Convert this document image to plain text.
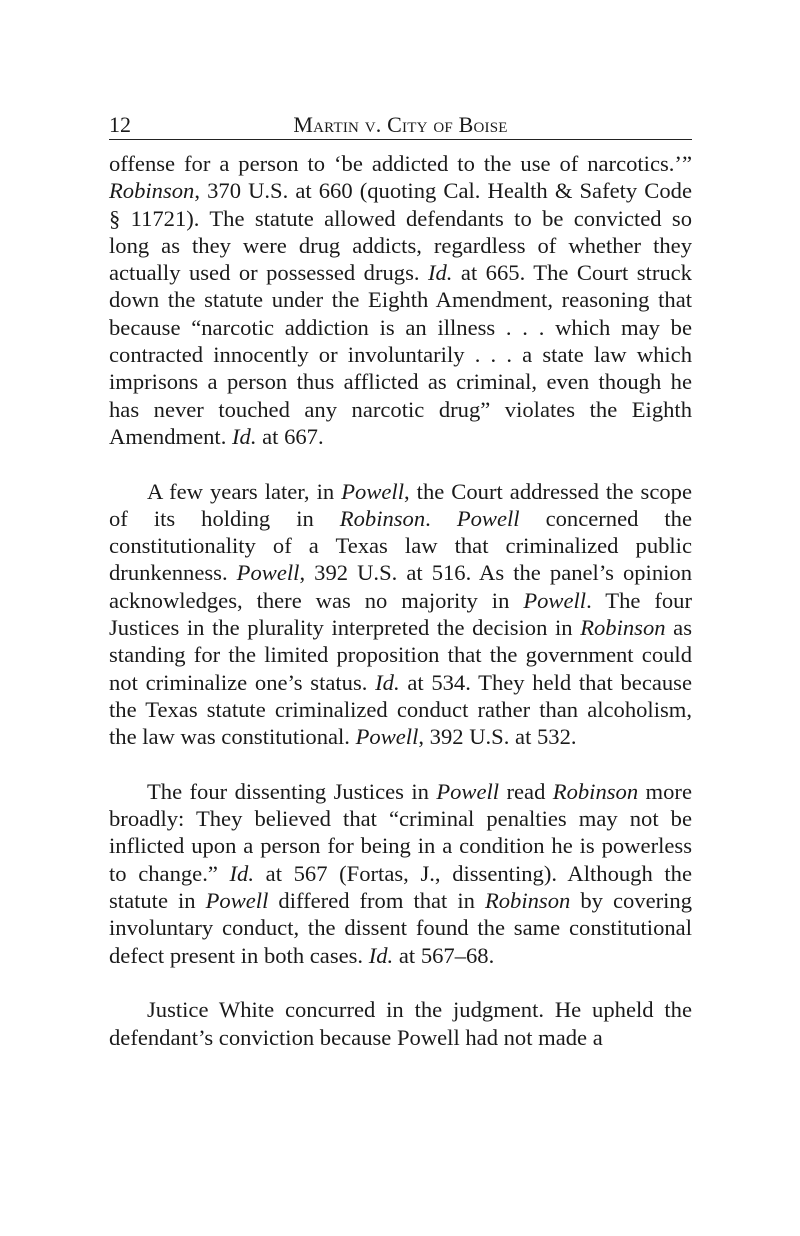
12	Martin v. City of Boise

offense for a person to ‘be addicted to the use of narcotics.’” Robinson, 370 U.S. at 660 (quoting Cal. Health & Safety Code § 11721). The statute allowed defendants to be convicted so long as they were drug addicts, regardless of whether they actually used or possessed drugs. Id. at 665. The Court struck down the statute under the Eighth Amendment, reasoning that because “narcotic addiction is an illness . . . which may be contracted innocently or involuntarily . . . a state law which imprisons a person thus afflicted as criminal, even though he has never touched any narcotic drug” violates the Eighth Amendment. Id. at 667.

A few years later, in Powell, the Court addressed the scope of its holding in Robinson. Powell concerned the constitutionality of a Texas law that criminalized public drunkenness. Powell, 392 U.S. at 516. As the panel’s opinion acknowledges, there was no majority in Powell. The four Justices in the plurality interpreted the decision in Robinson as standing for the limited proposition that the government could not criminalize one’s status. Id. at 534. They held that because the Texas statute criminalized conduct rather than alcoholism, the law was constitutional. Powell, 392 U.S. at 532.

The four dissenting Justices in Powell read Robinson more broadly: They believed that “criminal penalties may not be inflicted upon a person for being in a condition he is powerless to change.” Id. at 567 (Fortas, J., dissenting). Although the statute in Powell differed from that in Robinson by covering involuntary conduct, the dissent found the same constitutional defect present in both cases. Id. at 567–68.

Justice White concurred in the judgment. He upheld the defendant’s conviction because Powell had not made a
